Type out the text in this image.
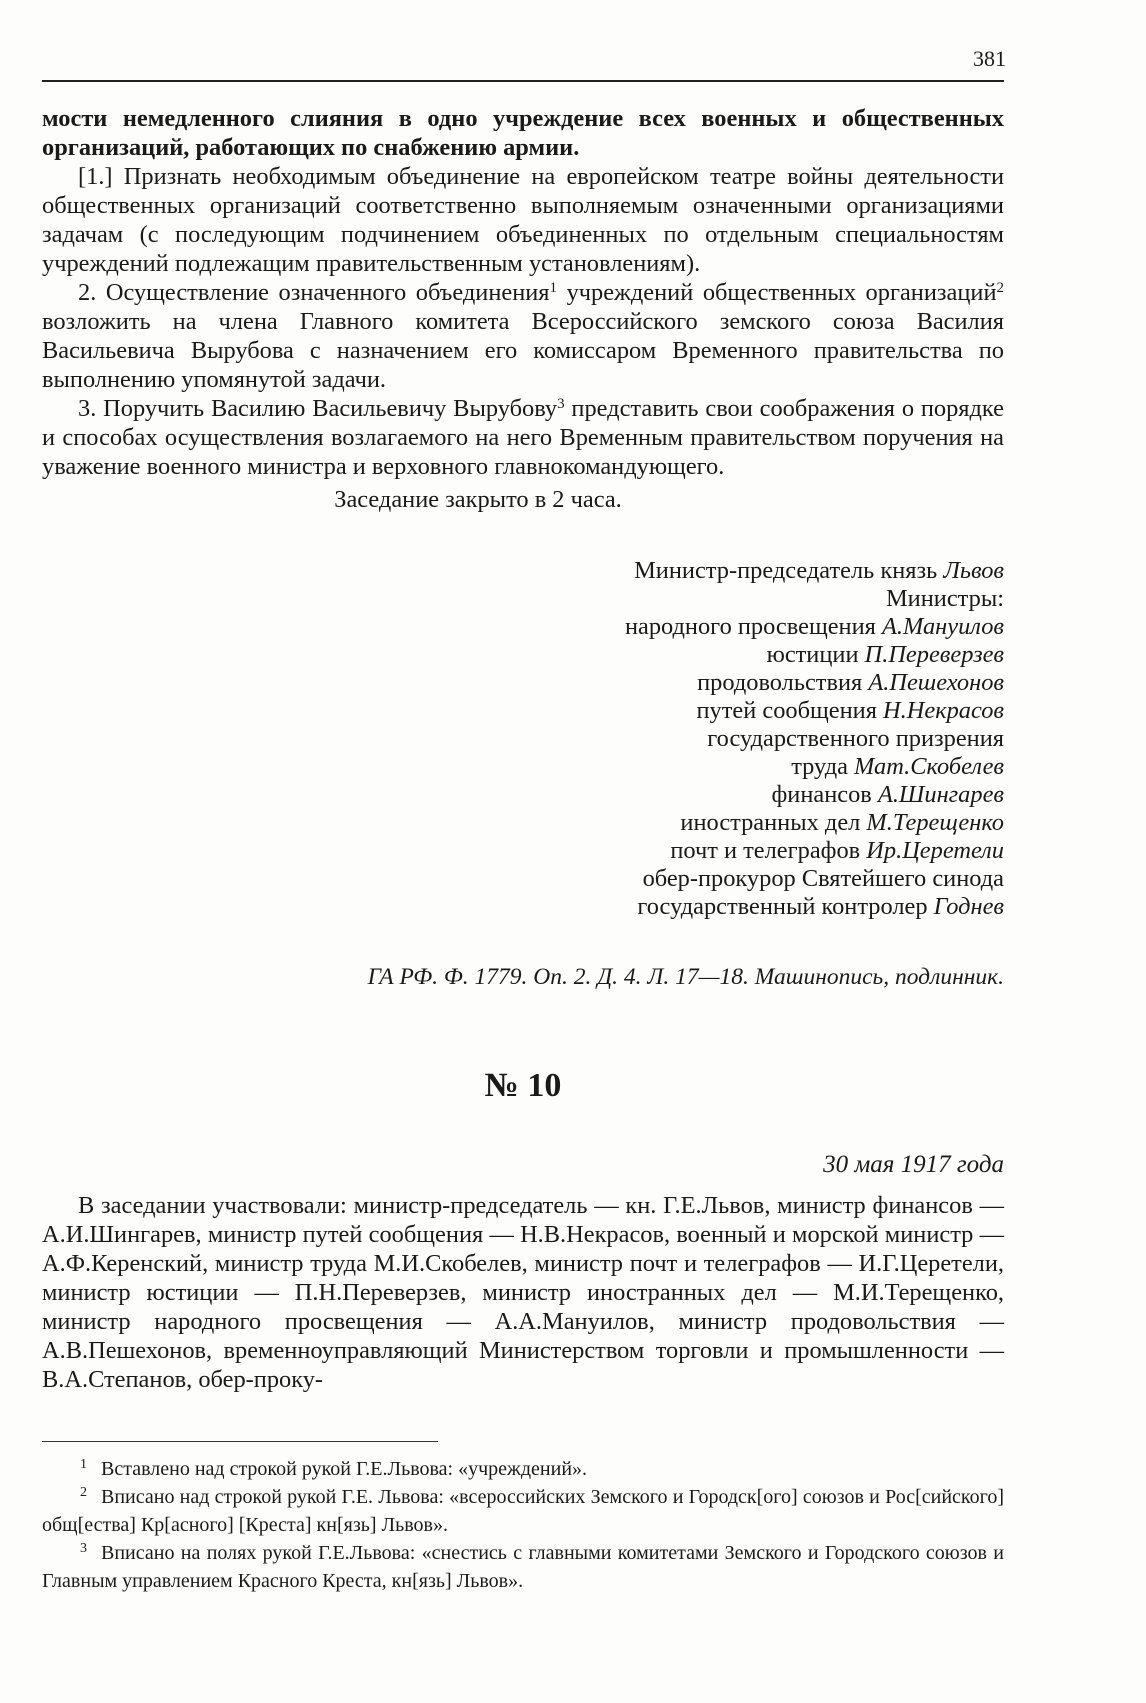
381

мости немедленного слияния в одно учреждение всех военных и общественных организаций, работающих по снабжению армии.

[1.] Признать необходимым объединение на европейском театре войны деятельности общественных организаций соответственно выполняемым означенными организациями задачам (с последующим подчинением объединенных по отдельным специальностям учреждений подлежащим правительственным установлениям).

2. Осуществление означенного объединения$^1$ учреждений общественных организаций$^2$ возложить на члена Главного комитета Всероссийского земского союза Василия Васильевича Вырубова с назначением его комиссаром Временного правительства по выполнению упомянутой задачи.

3. Поручить Василию Васильевичу Вырубову$^3$ представить свои соображения о порядке и способах осуществления возлагаемого на него Временным правительством поручения на уважение военного министра и верховного главнокомандующего.

Заседание закрыто в 2 часа.

Министр-председатель князь Львов
Министры:
народного просвещения А.Мануилов
юстиции П.Переверзев
продовольствия А.Пешехонов
путей сообщения Н.Некрасов
государственного призрения
труда Мат.Скобелев
финансов А.Шингарев
иностранных дел М.Терещенко
почт и телеграфов Ир.Церетели
обер-прокурор Святейшего синода
государственный контролер Годнев
ГА РФ. Ф. 1779. Оп. 2. Д. 4. Л. 17—18. Машинопись, подлинник.
№ 10
30 мая 1917 года

В заседании участвовали: министр-председатель — кн. Г.Е.Львов, министр финансов — А.И.Шингарев, министр путей сообщения — Н.В.Некрасов, военный и морской министр — А.Ф.Керенский, министр труда М.И.Скобелев, министр почт и телеграфов — И.Г.Церетели, министр юстиции — П.Н.Переверзев, министр иностранных дел — М.И.Терещенко, министр народного просвещения — А.А.Мануилов, министр продовольствия — А.В.Пешехонов, временноуправляющий Министерством торговли и промышленности — В.А.Степанов, обер-проку-

$^1$ Вставлено над строкой рукой Г.Е.Львова: «учреждений».

$^2$ Вписано над строкой рукой Г.Е. Львова: «всероссийских Земского и Городск[ого] союзов и Рос[сийского] общ[ества] Кр[асного] [Креста] кн[язь] Львов».

$^3$ Вписано на полях рукой Г.Е.Львова: «снестись с главными комитетами Земского и Городского союзов и Главным управлением Красного Креста, кн[язь] Львов».
